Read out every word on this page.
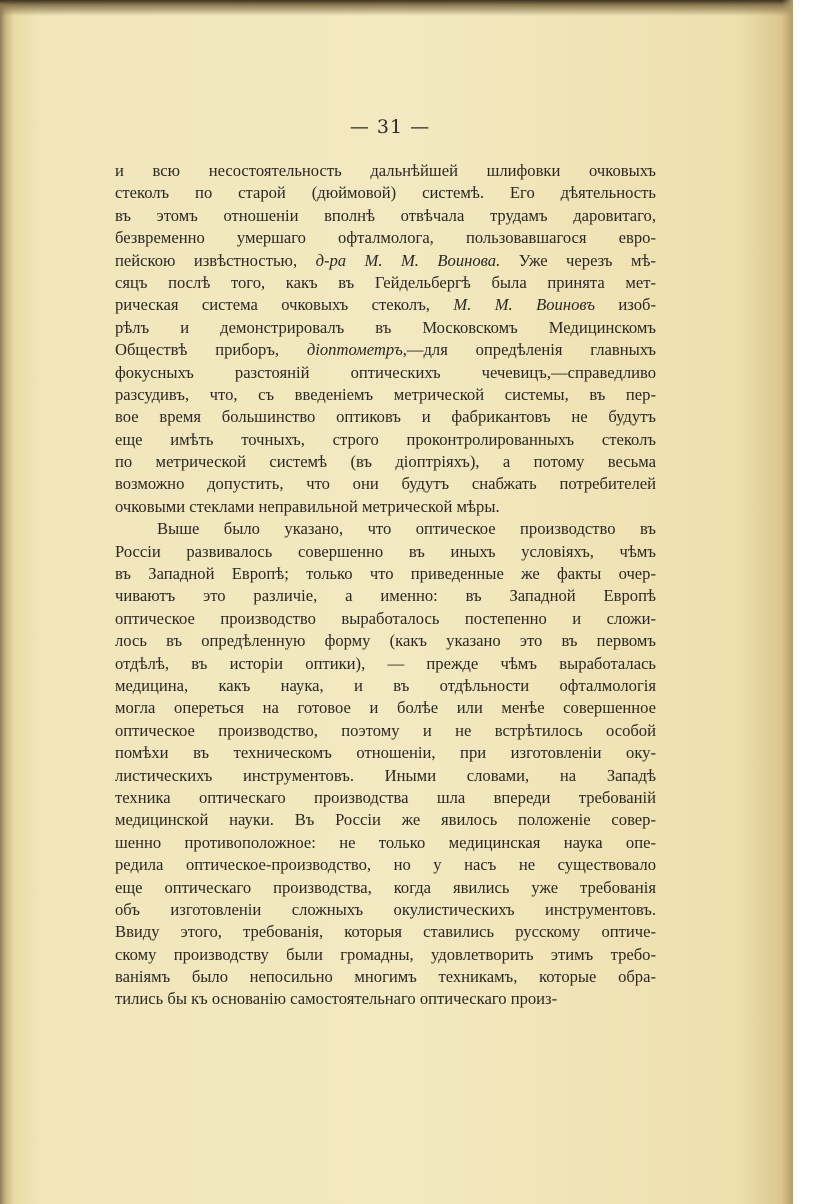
— 31 —
и всю несостоятельность дальнѣйшей шлифовки очковыхъ
стеколъ по старой (дюймовой) системѣ. Его дѣятельность
въ этомъ отношеніи вполнѣ отвѣчала трудамъ даровитаго,
безвременно умершаго офталмолога, пользовавшагося евро-
пейскою извѣстностью, д-ра М. М. Воинова. Уже черезъ мѣ-
сяцъ послѣ того, какъ въ Гейдельбергѣ была принята мет-
рическая система очковыхъ стеколъ, М. М. Воиновъ изоб-
рѣлъ и демонстрировалъ въ Московскомъ Медицинскомъ
Обществѣ приборъ, діоптометръ,—для опредѣленія главныхъ
фокусныхъ разстояній оптическихъ чечевицъ,—справедливо
разсудивъ, что, съ введеніемъ метрической системы, въ пер-
вое время большинство оптиковъ и фабрикантовъ не будутъ
еще имѣть точныхъ, строго проконтролированныхъ стеколъ
по метрической системѣ (въ діоптріяхъ), а потому весьма
возможно допустить, что они будутъ снабжать потребителей
очковыми стеклами неправильной метрической мѣры.
Выше было указано, что оптическое производство въ
Россіи развивалось совершенно въ иныхъ условіяхъ, чѣмъ
въ Западной Европѣ; только что приведенные же факты очер-
чиваютъ это различіе, а именно: въ Западной Европѣ
оптическое производство выработалось постепенно и сложи-
лось въ опредѣленную форму (какъ указано это въ первомъ
отдѣлѣ, въ исторіи оптики), — прежде чѣмъ выработалась
медицина, какъ наука, и въ отдѣльности офталмологія
могла опереться на готовое и болѣе или менѣе совершенное
оптическое производство, поэтому и не встрѣтилось особой
помѣхи въ техническомъ отношеніи, при изготовленіи оку-
листическихъ инструментовъ. Иными словами, на Западѣ
техника оптическаго производства шла впереди требованій
медицинской науки. Въ Россіи же явилось положеніе совер-
шенно противоположное: не только медицинская наука опе-
редила оптическое-производство, но у насъ не существовало
еще оптическаго производства, когда явились уже требованія
объ изготовленіи сложныхъ окулистическихъ инструментовъ.
Ввиду этого, требованія, которыя ставились русскому оптиче-
скому производству были громадны, удовлетворить этимъ требо-
ваніямъ было непосильно многимъ техникамъ, которые обра-
тились бы къ основанію самостоятельнаго оптическаго произ-
